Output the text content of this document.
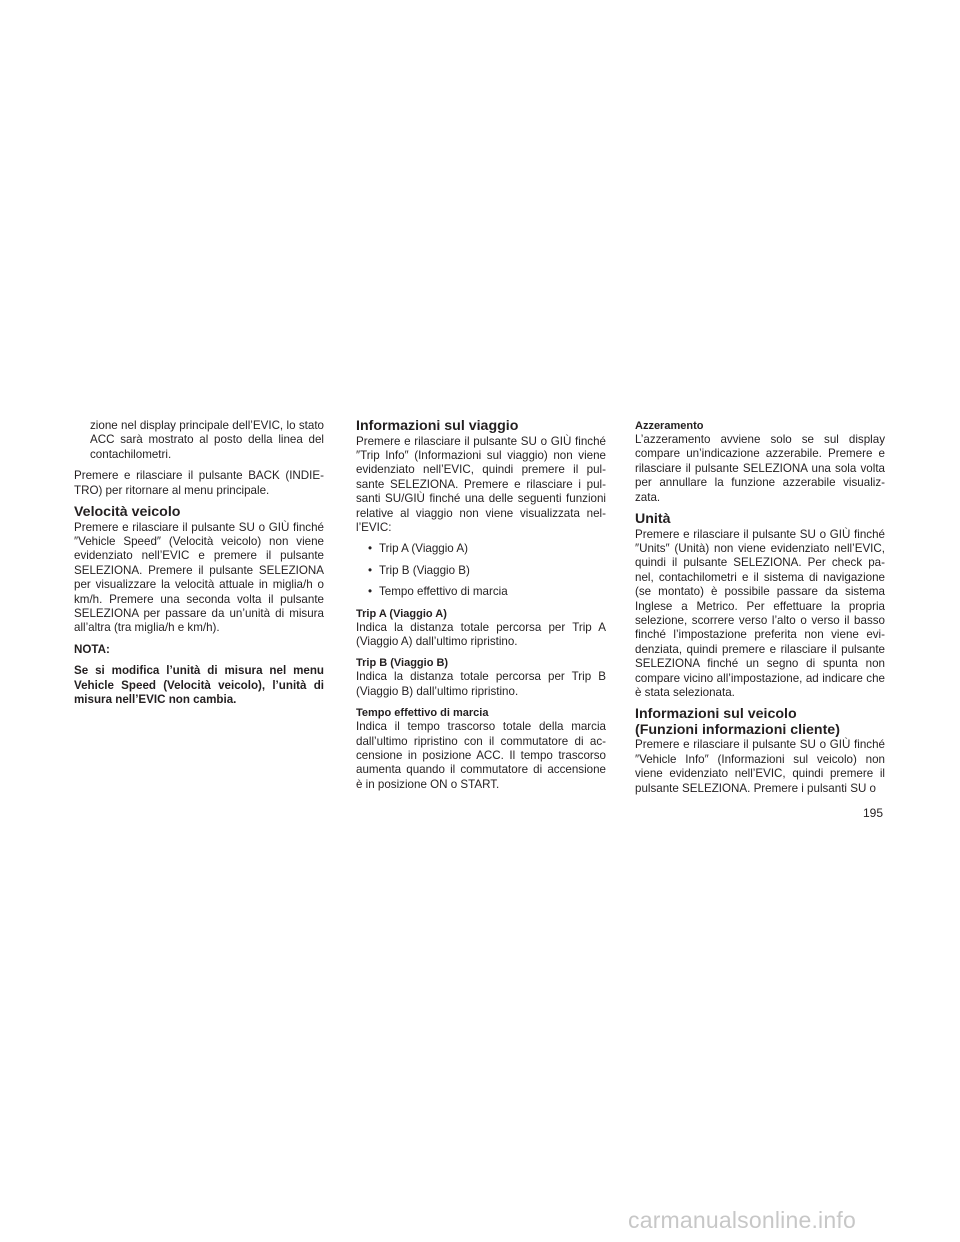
zione nel display principale dell’EVIC, lo stato ACC sarà mostrato al posto della linea del contachilometri.

Premere e rilasciare il pulsante BACK (INDIE-TRO) per ritornare al menu principale.

Velocità veicolo

Premere e rilasciare il pulsante SU o GIÙ finché ″Vehicle Speed″ (Velocità veicolo) non viene evidenziato nell’EVIC e premere il pulsante SELEZIONA. Premere il pulsante SELEZIONA per visualizzare la velocità attuale in miglia/h o km/h. Premere una seconda volta il pulsante SELEZIONA per passare da un’unità di misura all’altra (tra miglia/h e km/h).

NOTA:

Se si modifica l’unità di misura nel menu Vehicle Speed (Velocità veicolo), l’unità di misura nell’EVIC non cambia.

Informazioni sul viaggio

Premere e rilasciare il pulsante SU o GIÙ finché ″Trip Info″ (Informazioni sul viaggio) non viene evidenziato nell’EVIC, quindi premere il pul-sante SELEZIONA. Premere e rilasciare i pul-santi SU/GIÙ finché una delle seguenti funzioni relative al viaggio non viene visualizzata nel-l’EVIC:

• Trip A (Viaggio A)
• Trip B (Viaggio B)
• Tempo effettivo di marcia
Trip A (Viaggio A)

Indica la distanza totale percorsa per Trip A (Viaggio A) dall’ultimo ripristino.

Trip B (Viaggio B)

Indica la distanza totale percorsa per Trip B (Viaggio B) dall’ultimo ripristino.

Tempo effettivo di marcia

Indica il tempo trascorso totale della marcia dall’ultimo ripristino con il commutatore di ac-censione in posizione ACC. Il tempo trascorso aumenta quando il commutatore di accensione è in posizione ON o START.

Azzeramento

L’azzeramento avviene solo se sul display compare un’indicazione azzerabile. Premere e rilasciare il pulsante SELEZIONA una sola volta per annullare la funzione azzerabile visualiz-zata.

Unità

Premere e rilasciare il pulsante SU o GIÙ finché ″Units″ (Unità) non viene evidenziato nell’EVIC, quindi il pulsante SELEZIONA. Per check pa-nel, contachilometri e il sistema di navigazione (se montato) è possibile passare da sistema Inglese a Metrico. Per effettuare la propria selezione, scorrere verso l’alto o verso il basso finché l’impostazione preferita non viene evi-denziata, quindi premere e rilasciare il pulsante SELEZIONA finché un segno di spunta non compare vicino all’impostazione, ad indicare che è stata selezionata.

Informazioni sul veicolo
(Funzioni informazioni cliente)

Premere e rilasciare il pulsante SU o GIÙ finché ″Vehicle Info″ (Informazioni sul veicolo) non viene evidenziato nell’EVIC, quindi premere il pulsante SELEZIONA. Premere i pulsanti SU o

195
carmanualsonline.info
